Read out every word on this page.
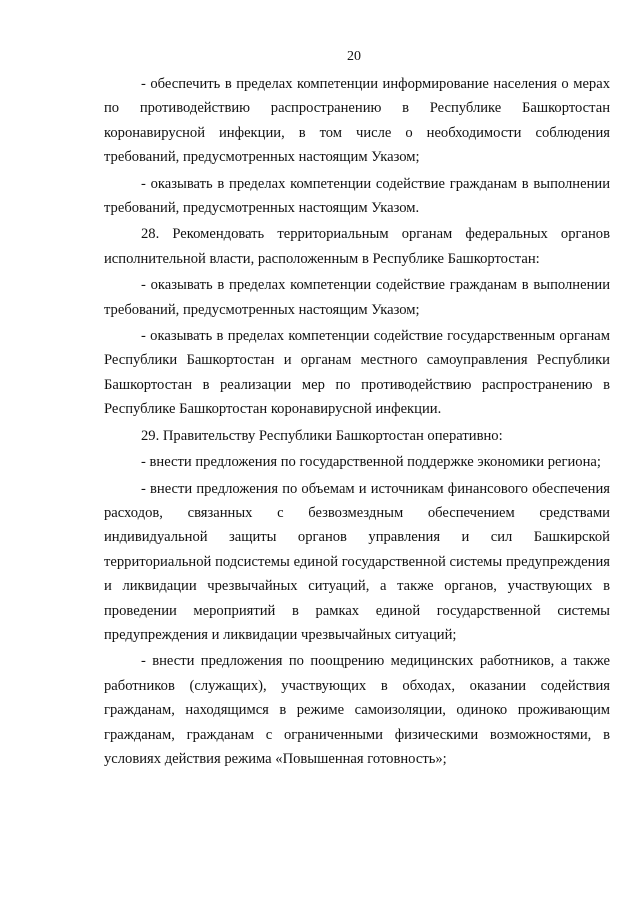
20

- обеспечить в пределах компетенции информирование населения о мерах по противодействию распространению в Республике Башкортостан коронавирусной инфекции, в том числе о необходимости соблюдения требований, предусмотренных настоящим Указом;

- оказывать в пределах компетенции содействие гражданам в выполнении требований, предусмотренных настоящим Указом.

28. Рекомендовать территориальным органам федеральных органов исполнительной власти, расположенным в Республике Башкортостан:

- оказывать в пределах компетенции содействие гражданам в выполнении требований, предусмотренных настоящим Указом;

- оказывать в пределах компетенции содействие государственным органам Республики Башкортостан и органам местного самоуправления Республики Башкортостан в реализации мер по противодействию распространению в Республике Башкортостан коронавирусной инфекции.

29. Правительству Республики Башкортостан оперативно:

- внести предложения по государственной поддержке экономики региона;

- внести предложения по объемам и источникам финансового обеспечения расходов, связанных с безвозмездным обеспечением средствами индивидуальной защиты органов управления и сил Башкирской территориальной подсистемы единой государственной системы предупреждения и ликвидации чрезвычайных ситуаций, а также органов, участвующих в проведении мероприятий в рамках единой государственной системы предупреждения и ликвидации чрезвычайных ситуаций;

- внести предложения по поощрению медицинских работников, а также работников (служащих), участвующих в обходах, оказании содействия гражданам, находящимся в режиме самоизоляции, одиноко проживающим гражданам, гражданам с ограниченными физическими возможностями, в условиях действия режима «Повышенная готовность»;
